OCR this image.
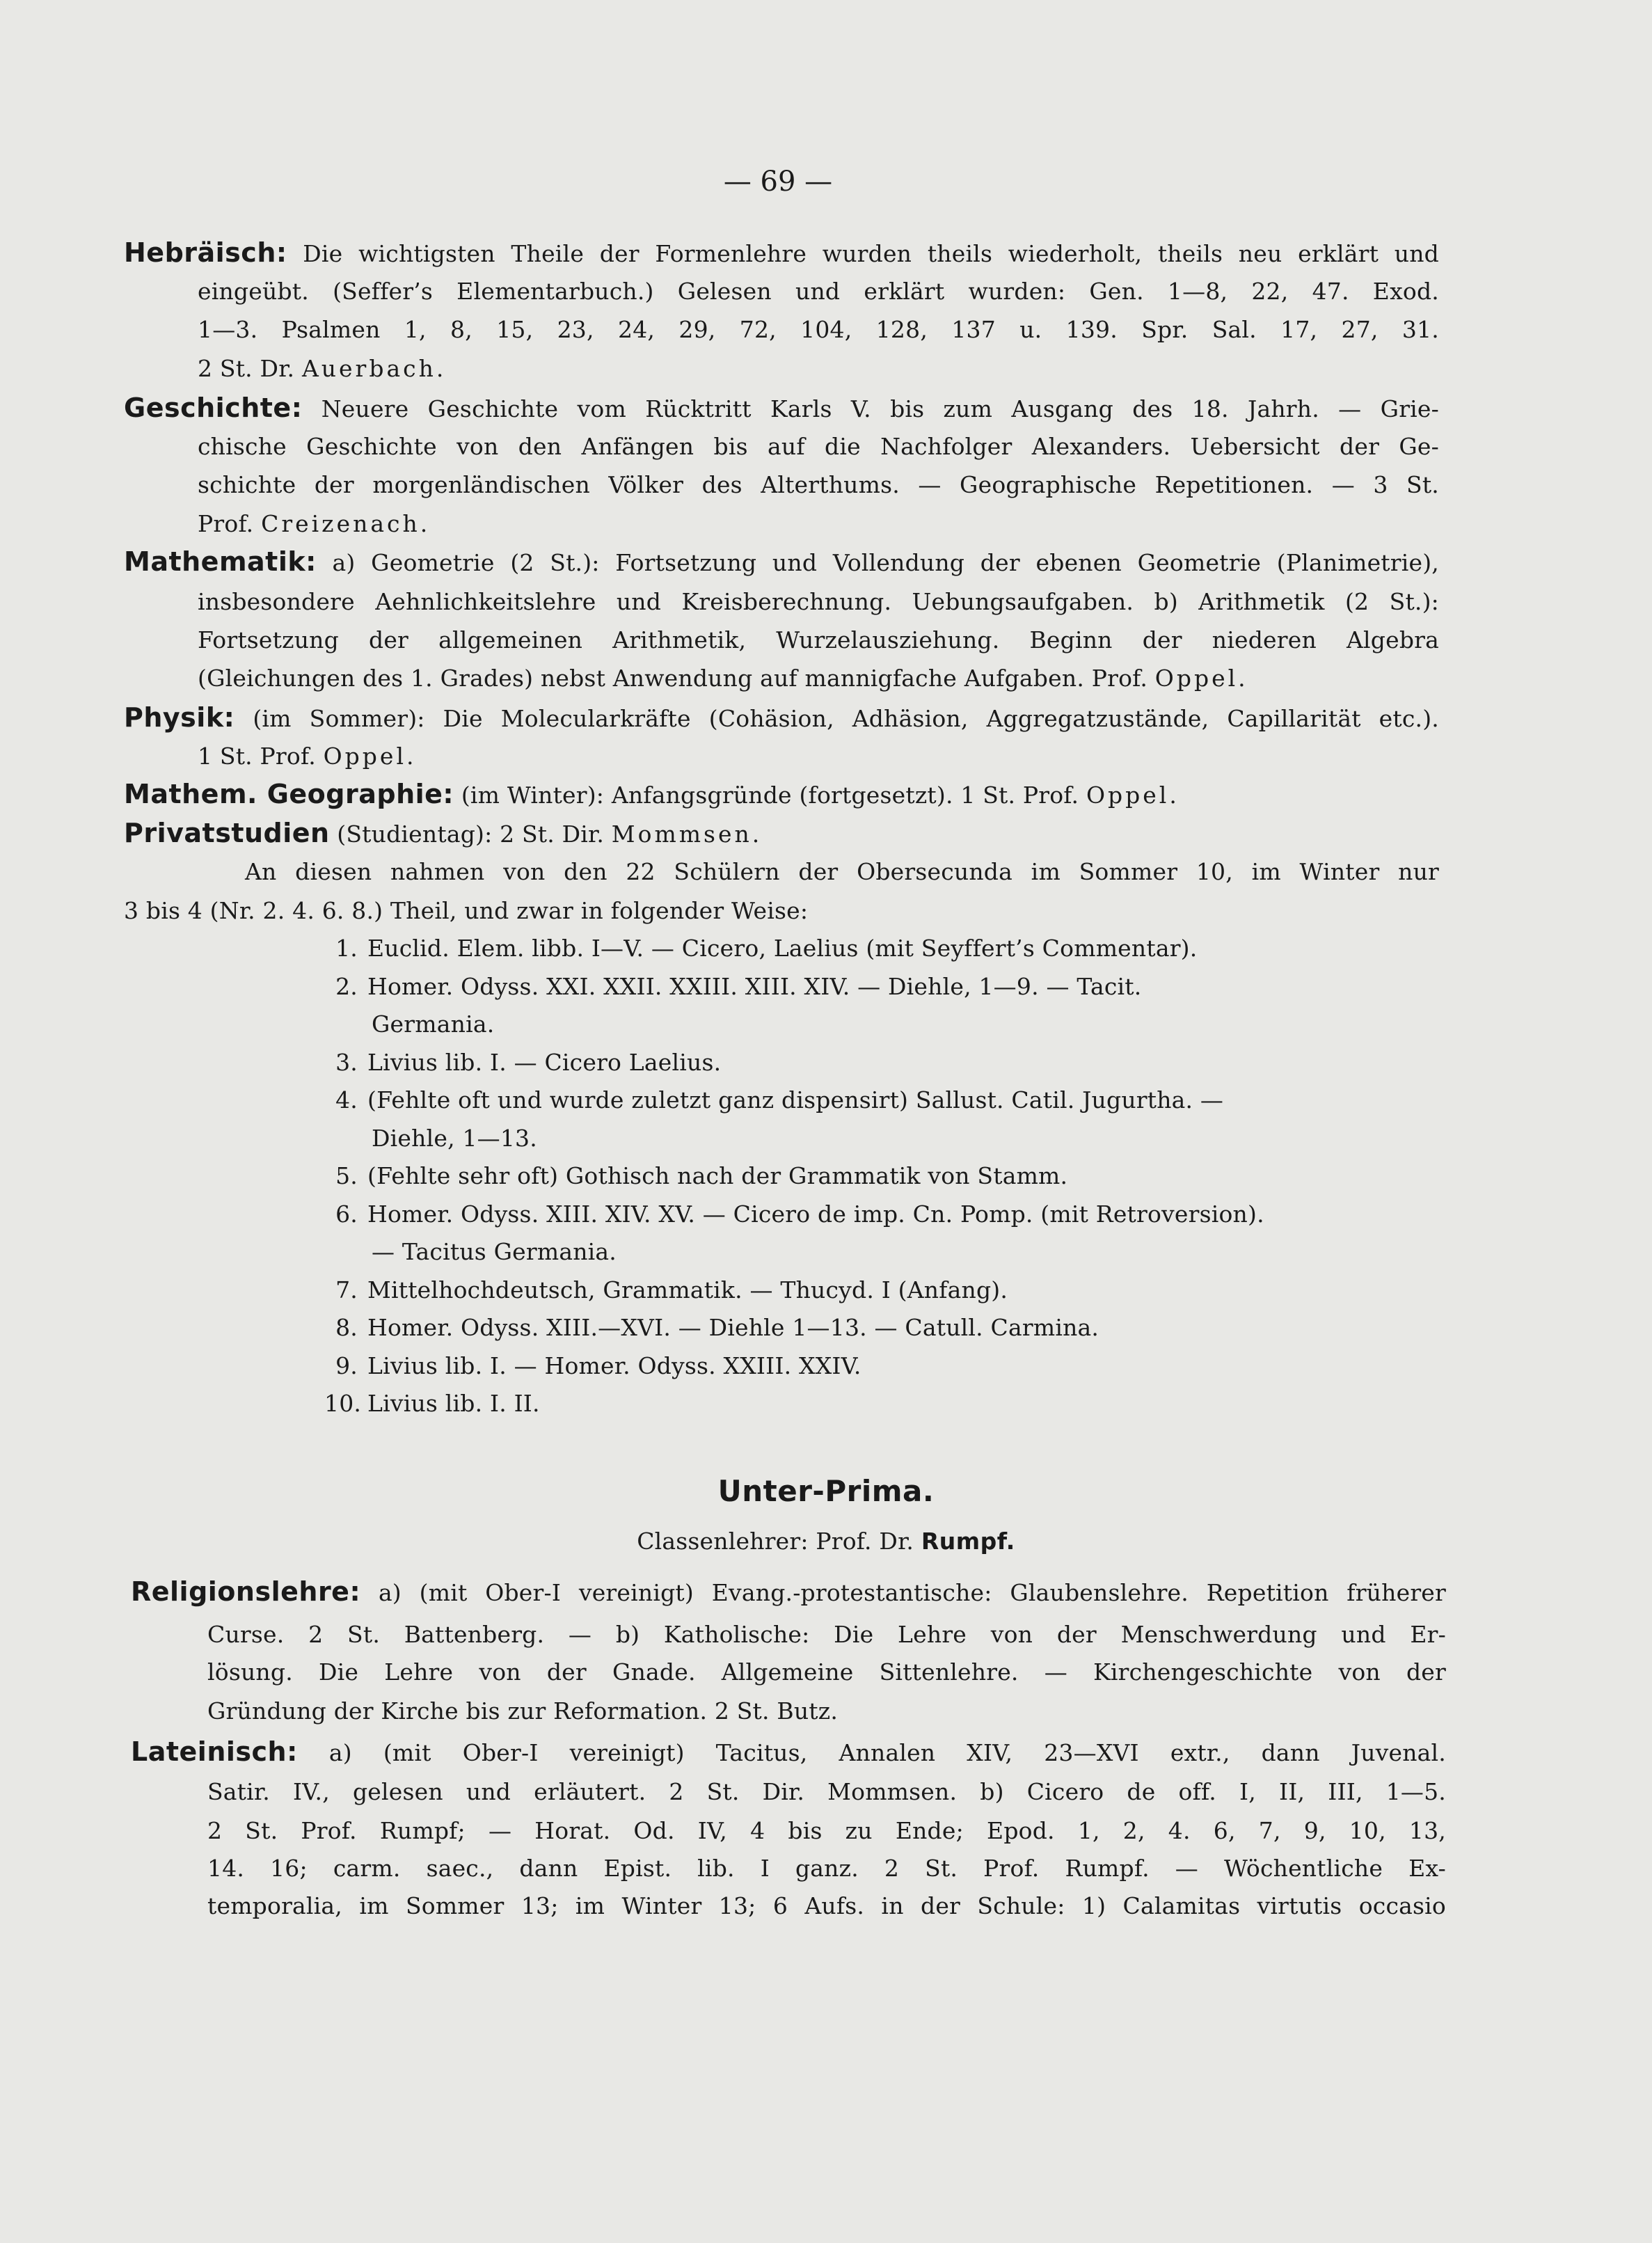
— 69 —
Hebräisch: Die wichtigsten Theile der Formenlehre wurden theils wiederholt, theils neu erklärt und
eingeübt. (Seffer’s Elementarbuch.) Gelesen und erklärt wurden: Gen. 1—8, 22, 47. Exod.
1—3. Psalmen 1, 8, 15, 23, 24, 29, 72, 104, 128, 137 u. 139. Spr. Sal. 17, 27, 31.
2 St. Dr. Auerbach.
Geschichte: Neuere Geschichte vom Rücktritt Karls V. bis zum Ausgang des 18. Jahrh. — Grie-
chische Geschichte von den Anfängen bis auf die Nachfolger Alexanders. Uebersicht der Ge-
schichte der morgenländischen Völker des Alterthums. — Geographische Repetitionen. — 3 St.
Prof. Creizenach.
Mathematik: a) Geometrie (2 St.): Fortsetzung und Vollendung der ebenen Geometrie (Planimetrie),
insbesondere Aehnlichkeitslehre und Kreisberechnung. Uebungsaufgaben. b) Arithmetik (2 St.):
Fortsetzung der allgemeinen Arithmetik, Wurzelausziehung. Beginn der niederen Algebra
(Gleichungen des 1. Grades) nebst Anwendung auf mannigfache Aufgaben. Prof. Oppel.
Physik: (im Sommer): Die Molecularkräfte (Cohäsion, Adhäsion, Aggregatzustände, Capillarität etc.).
1 St. Prof. Oppel.
Mathem. Geographie: (im Winter): Anfangsgründe (fortgesetzt). 1 St. Prof. Oppel.
Privatstudien (Studientag): 2 St. Dir. Mommsen.
An diesen nahmen von den 22 Schülern der Obersecunda im Sommer 10, im Winter nur
3 bis 4 (Nr. 2. 4. 6. 8.) Theil, und zwar in folgender Weise:
1. Euclid. Elem. libb. I—V. — Cicero, Laelius (mit Seyffert’s Commentar).
2. Homer. Odyss. XXI. XXII. XXIII. XIII. XIV. — Diehle, 1—9. — Tacit.
Germania.
3. Livius lib. I. — Cicero Laelius.
4. (Fehlte oft und wurde zuletzt ganz dispensirt) Sallust. Catil. Jugurtha. —
Diehle, 1—13.
5. (Fehlte sehr oft) Gothisch nach der Grammatik von Stamm.
6. Homer. Odyss. XIII. XIV. XV. — Cicero de imp. Cn. Pomp. (mit Retroversion).
— Tacitus Germania.
7. Mittelhochdeutsch, Grammatik. — Thucyd. I (Anfang).
8. Homer. Odyss. XIII.—XVI. — Diehle 1—13. — Catull. Carmina.
9. Livius lib. I. — Homer. Odyss. XXIII. XXIV.
10. Livius lib. I. II.
Unter-Prima.
Classenlehrer: Prof. Dr. Rumpf.
Religionslehre: a) (mit Ober-I vereinigt) Evang.-protestantische: Glaubenslehre. Repetition früherer
Curse. 2 St. Battenberg. — b) Katholische: Die Lehre von der Menschwerdung und Er-
lösung. Die Lehre von der Gnade. Allgemeine Sittenlehre. — Kirchengeschichte von der
Gründung der Kirche bis zur Reformation. 2 St. Butz.
Lateinisch: a) (mit Ober-I vereinigt) Tacitus, Annalen XIV, 23—XVI extr., dann Juvenal.
Satir. IV., gelesen und erläutert. 2 St. Dir. Mommsen. b) Cicero de off. I, II, III, 1—5.
2 St. Prof. Rumpf; — Horat. Od. IV, 4 bis zu Ende; Epod. 1, 2, 4. 6, 7, 9, 10, 13,
14. 16; carm. saec., dann Epist. lib. I ganz. 2 St. Prof. Rumpf. — Wöchentliche Ex-
temporalia, im Sommer 13; im Winter 13; 6 Aufs. in der Schule: 1) Calamitas virtutis occasio
